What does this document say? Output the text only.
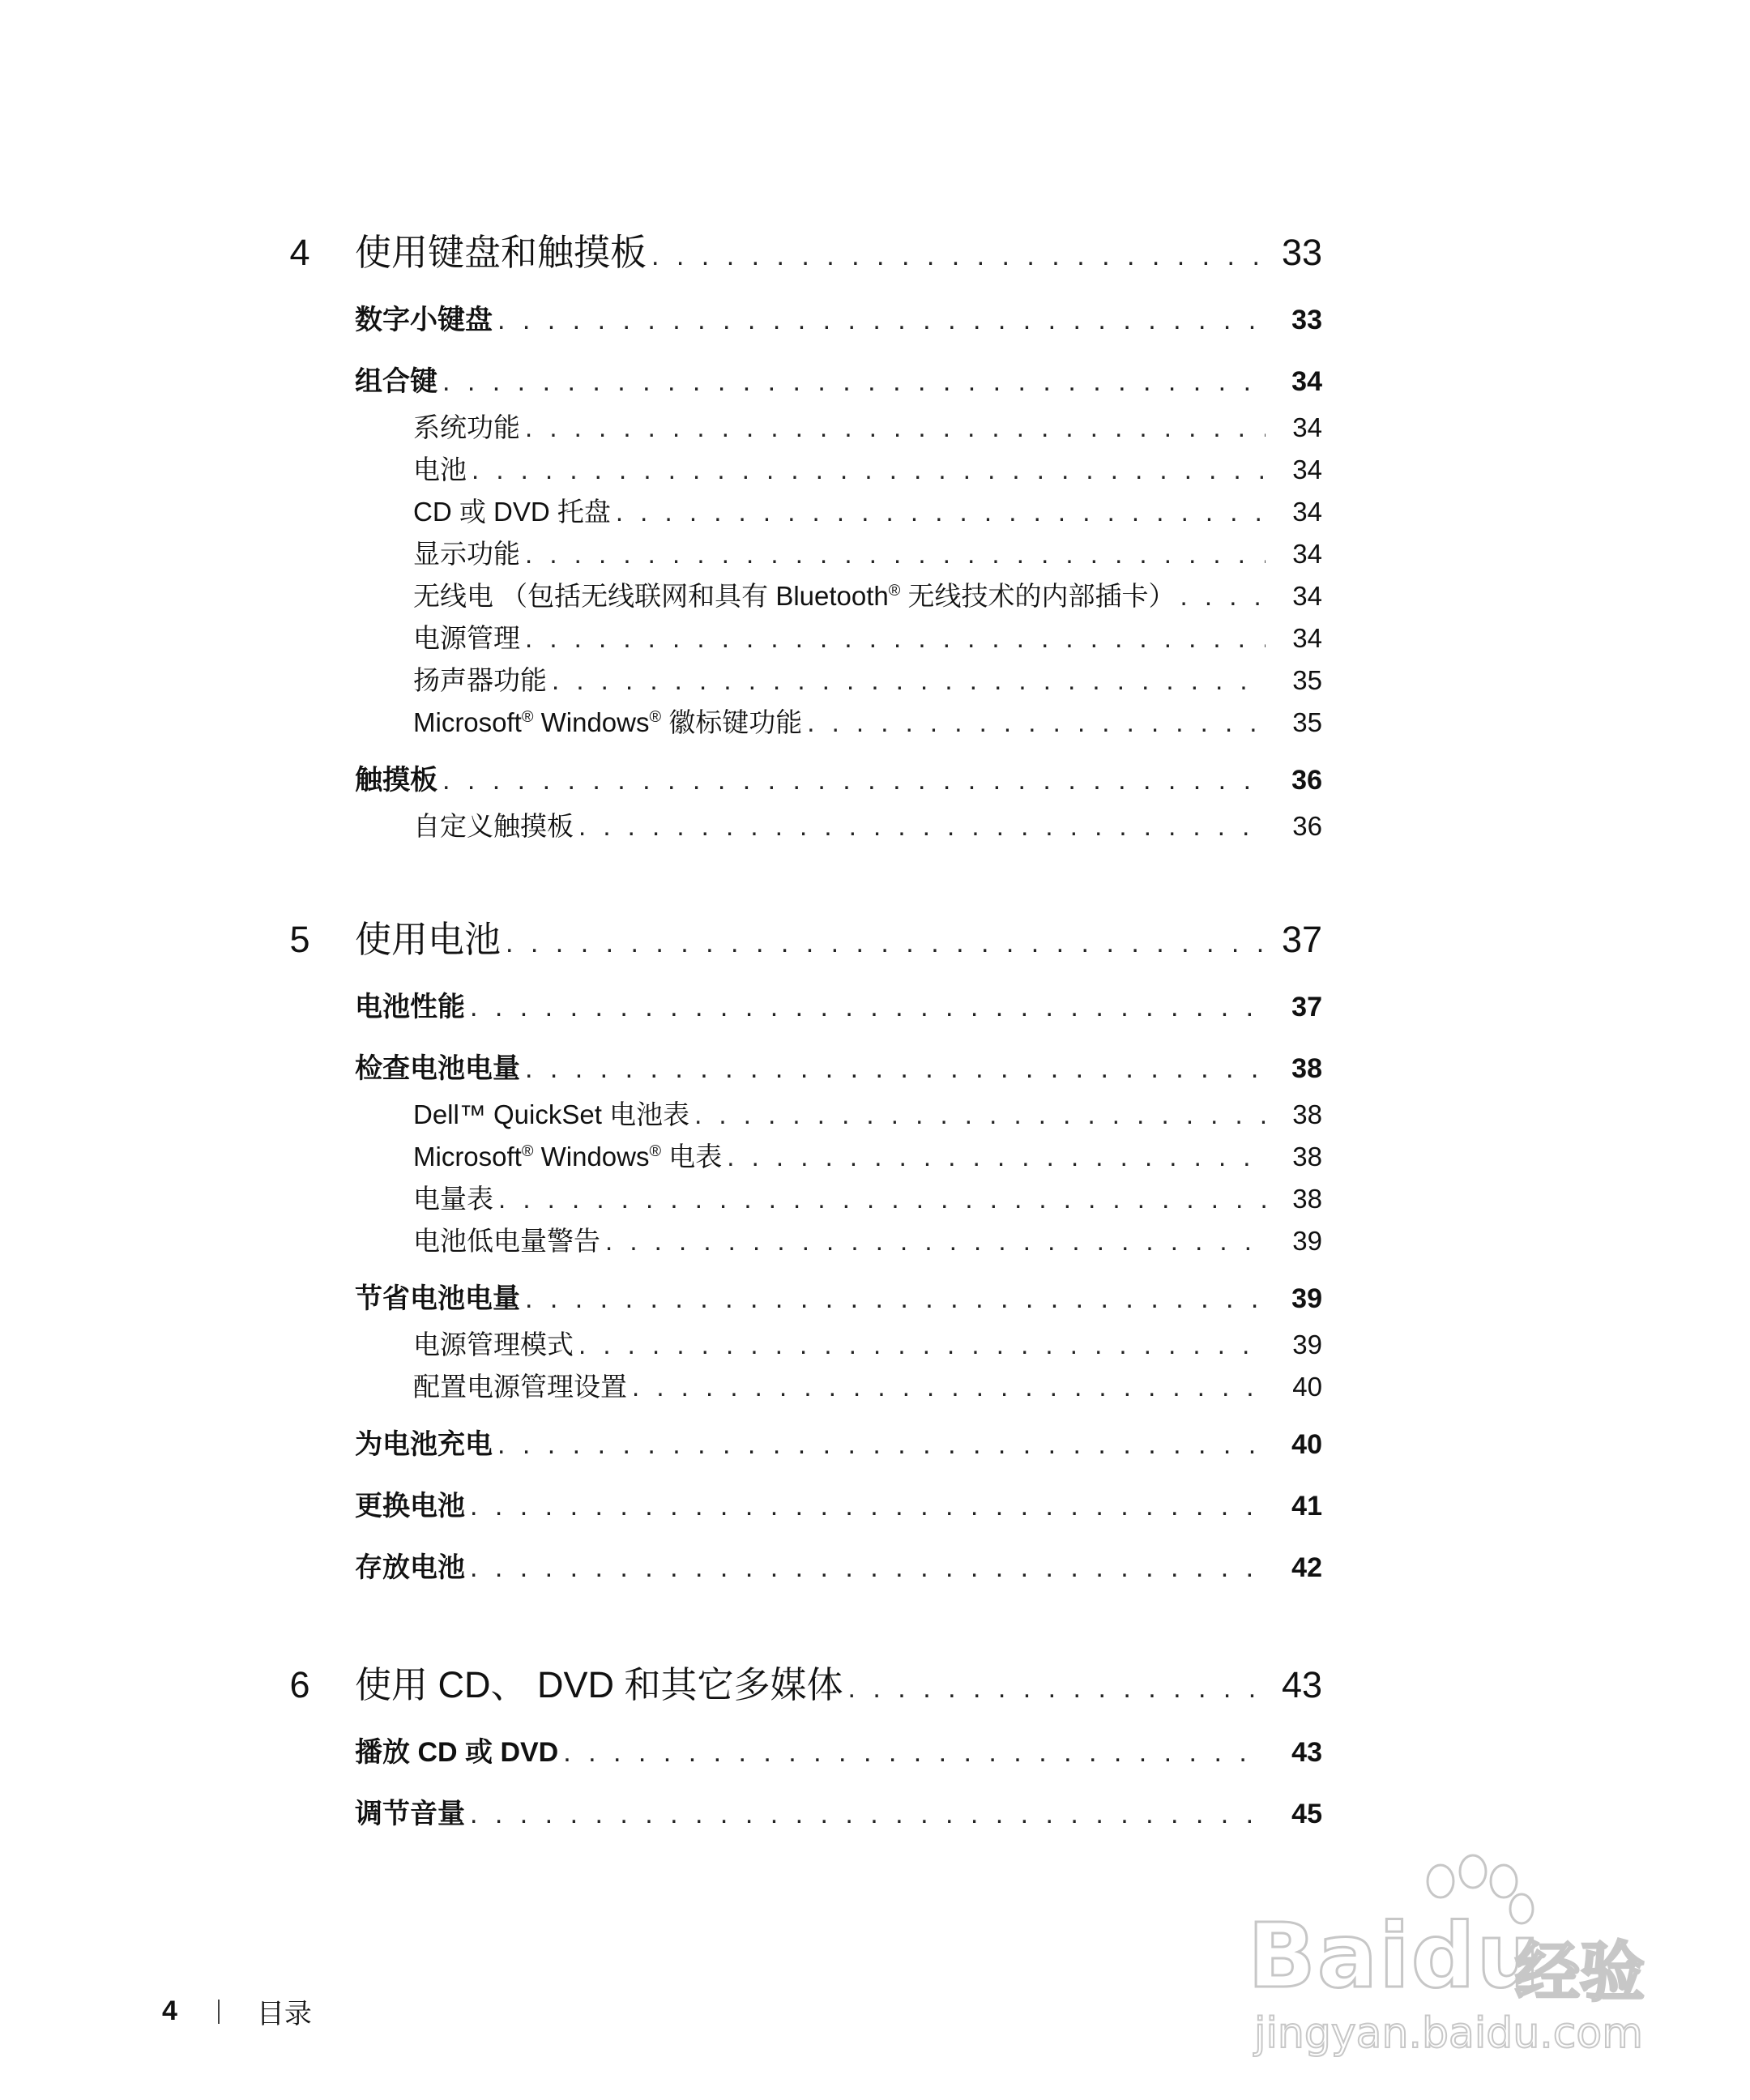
4 使用键盘和触摸板 . . .	33
数字小键盘 . . .	33
组合键 . . .	34
系统功能 . . .	34
电池 . . .	34
CD 或 DVD 托盘 . . .	34
显示功能 . . .	34
无线电 （包括无线联网和具有 Bluetooth® 无线技术的内部插卡） . . .	34
电源管理 . . .	34
扬声器功能 . . .	35
Microsoft® Windows® 徽标键功能 . . .	35
触摸板 . . .	36
自定义触摸板 . . .	36
5 使用电池 . . .	37
电池性能 . . .	37
检查电池电量 . . .	38
Dell™ QuickSet 电池表 . . .	38
Microsoft® Windows® 电表 . . .	38
电量表 . . .	38
电池低电量警告 . . .	39
节省电池电量 . . .	39
电源管理模式 . . .	39
配置电源管理设置 . . .	40
为电池充电 . . .	40
更换电池 . . .	41
存放电池 . . .	42
6 使用 CD、 DVD 和其它多媒体 . . .	43
播放 CD 或 DVD . . .	43
调节音量 . . .	45
4	目录
Baidu
经验
jingyan.baidu.com
